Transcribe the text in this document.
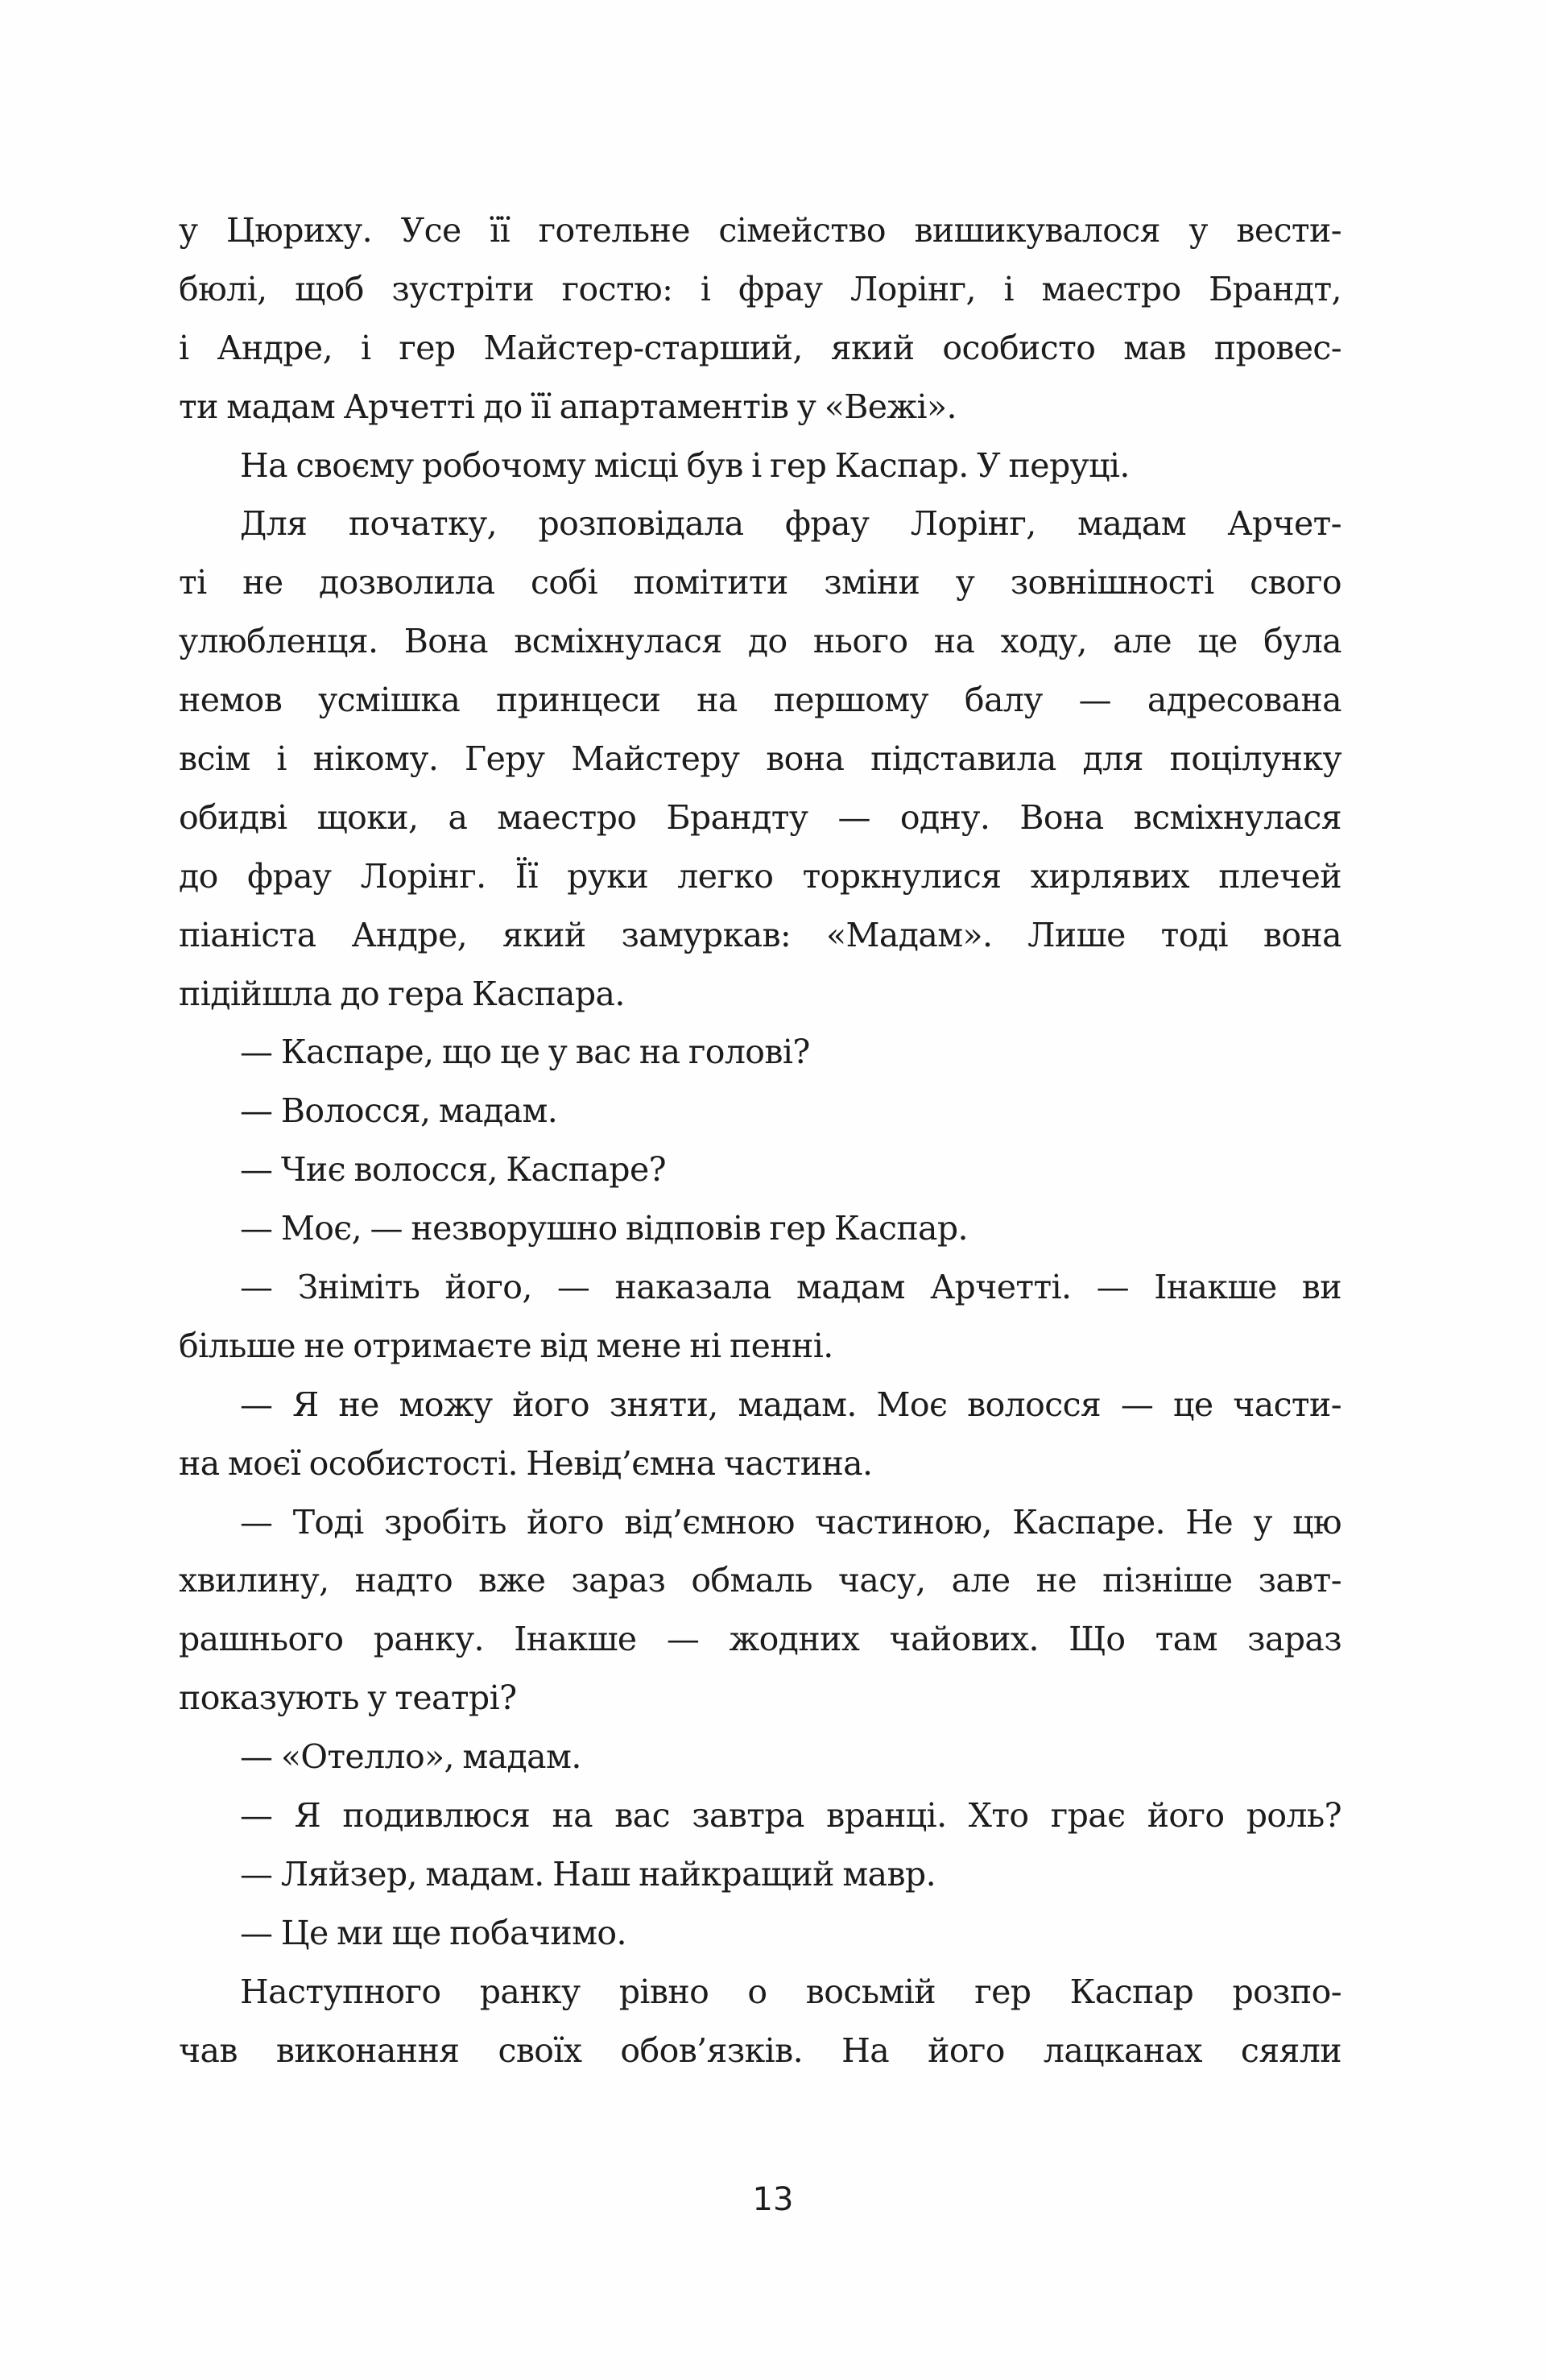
у Цюриху. Усе її готельне сімейство вишикувалося у вести-
бюлі, щоб зустріти гостю: і фрау Лорінг, і маестро Брандт,
і Андре, і гер Майстер-старший, який особисто мав провес-
ти мадам Арчетті до її апартаментів у «Вежі».
На своєму робочому місці був і гер Каспар. У перуці.
Для початку, розповідала фрау Лорінг, мадам Арчет-
ті не дозволила собі помітити зміни у зовнішності свого
улюбленця. Вона всміхнулася до нього на ходу, але це була
немов усмішка принцеси на першому балу — адресована
всім і нікому. Геру Майстеру вона підставила для поцілунку
обидві щоки, а маестро Брандту — одну. Вона всміхнулася
до фрау Лорінг. Її руки легко торкнулися хирлявих плечей
піаніста Андре, який замуркав: «Мадам». Лише тоді вона
підійшла до гера Каспара.
— Каспаре, що це у вас на голові?
— Волосся, мадам.
— Чиє волосся, Каспаре?
— Моє, — незворушно відповів гер Каспар.
— Зніміть його, — наказала мадам Арчетті. — Інакше ви
більше не отримаєте від мене ні пенні.
— Я не можу його зняти, мадам. Моє волосся — це части-
на моєї особистості. Невід’ємна частина.
— Тоді зробіть його від’ємною частиною, Каспаре. Не у цю
хвилину, надто вже зараз обмаль часу, але не пізніше завт-
рашнього ранку. Інакше — жодних чайових. Що там зараз
показують у театрі?
— «Отелло», мадам.
— Я подивлюся на вас завтра вранці. Хто грає його роль?
— Ляйзер, мадам. Наш найкращий мавр.
— Це ми ще побачимо.
Наступного ранку рівно о восьмій гер Каспар розпо-
чав виконання своїх обов’язків. На його лацканах сяяли
13
